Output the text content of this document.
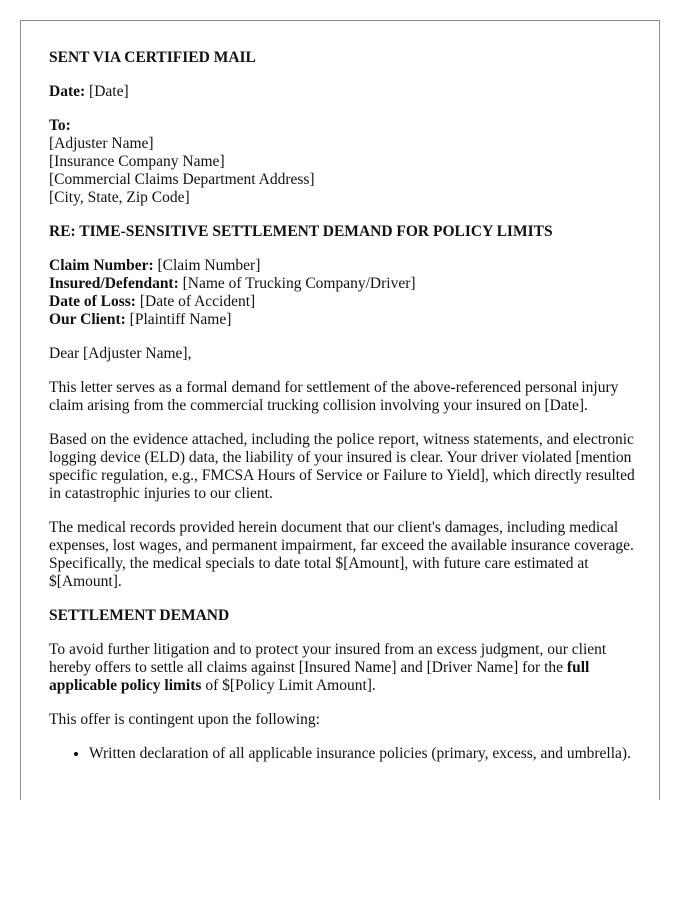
SENT VIA CERTIFIED MAIL
Date: [Date]
To:
[Adjuster Name]
[Insurance Company Name]
[Commercial Claims Department Address]
[City, State, Zip Code]
RE: TIME-SENSITIVE SETTLEMENT DEMAND FOR POLICY LIMITS
Claim Number: [Claim Number]
Insured/Defendant: [Name of Trucking Company/Driver]
Date of Loss: [Date of Accident]
Our Client: [Plaintiff Name]
Dear [Adjuster Name],
This letter serves as a formal demand for settlement of the above-referenced personal injury claim arising from the commercial trucking collision involving your insured on [Date].
Based on the evidence attached, including the police report, witness statements, and electronic logging device (ELD) data, the liability of your insured is clear. Your driver violated [mention specific regulation, e.g., FMCSA Hours of Service or Failure to Yield], which directly resulted in catastrophic injuries to our client.
The medical records provided herein document that our client's damages, including medical expenses, lost wages, and permanent impairment, far exceed the available insurance coverage. Specifically, the medical specials to date total $[Amount], with future care estimated at $[Amount].
SETTLEMENT DEMAND
To avoid further litigation and to protect your insured from an excess judgment, our client hereby offers to settle all claims against [Insured Name] and [Driver Name] for the full applicable policy limits of $[Policy Limit Amount].
This offer is contingent upon the following:
• Written declaration of all applicable insurance policies (primary, excess, and umbrella).
